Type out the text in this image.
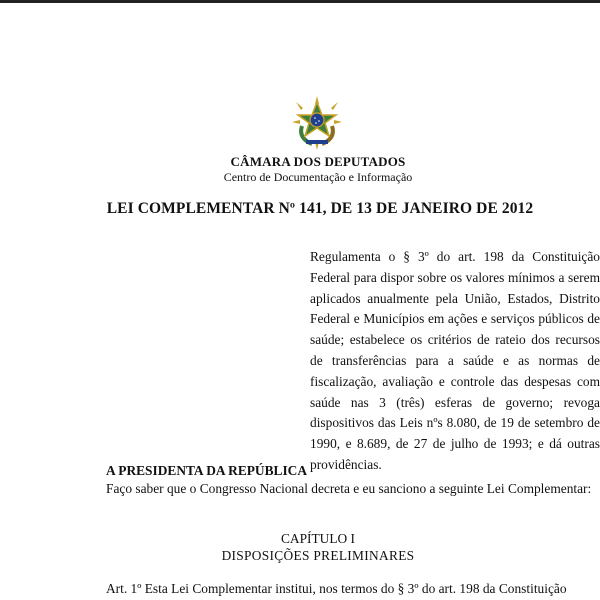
CÂMARA DOS DEPUTADOS
Centro de Documentação e Informação
LEI COMPLEMENTAR Nº 141, DE 13 DE JANEIRO DE 2012
Regulamenta o § 3º do art. 198 da Constituição Federal para dispor sobre os valores mínimos a serem aplicados anualmente pela União, Estados, Distrito Federal e Municípios em ações e serviços públicos de saúde; estabelece os critérios de rateio dos recursos de transferências para a saúde e as normas de fiscalização, avaliação e controle das despesas com saúde nas 3 (três) esferas de governo; revoga dispositivos das Leis nºs 8.080, de 19 de setembro de 1990, e 8.689, de 27 de julho de 1993; e dá outras providências.
A PRESIDENTA DA REPÚBLICA
Faço saber que o Congresso Nacional decreta e eu sanciono a seguinte Lei Complementar:
CAPÍTULO I
DISPOSIÇÕES PRELIMINARES
Art. 1º Esta Lei Complementar institui, nos termos do § 3º do art. 198 da Constituição
